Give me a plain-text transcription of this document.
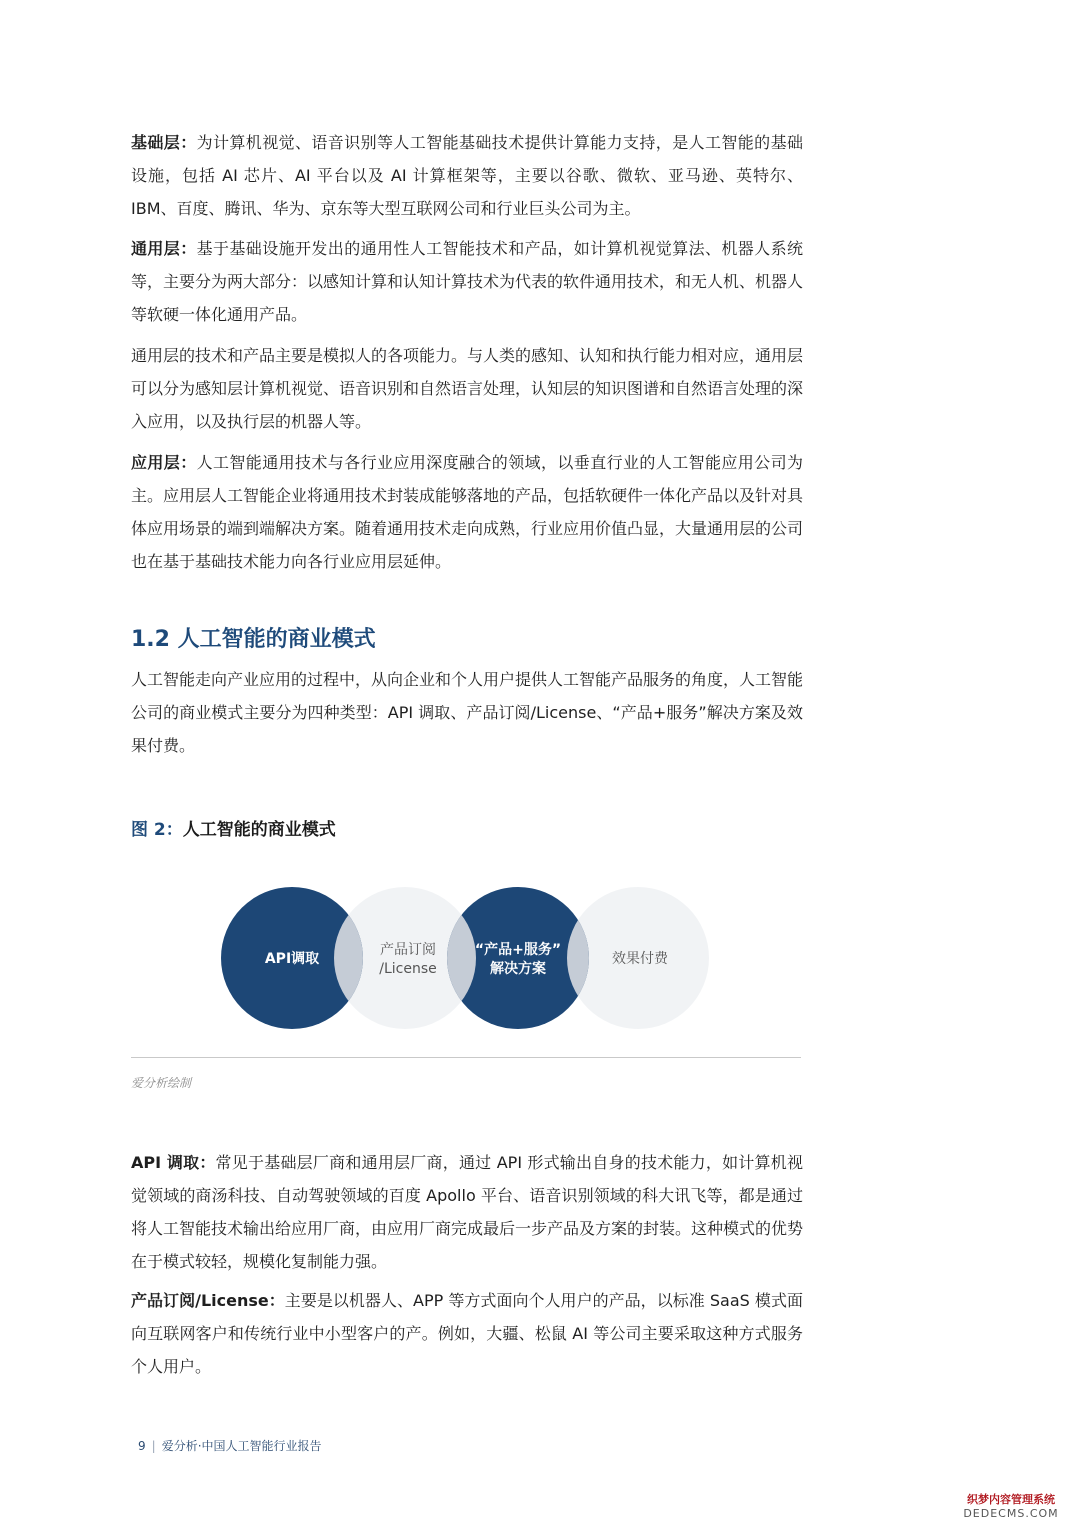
基础层：为计算机视觉、语音识别等人工智能基础技术提供计算能力支持，是人工智能的基础设施，包括 AI 芯片、AI 平台以及 AI 计算框架等，主要以谷歌、微软、亚马逊、英特尔、IBM、百度、腾讯、华为、京东等大型互联网公司和行业巨头公司为主。

通用层：基于基础设施开发出的通用性人工智能技术和产品，如计算机视觉算法、机器人系统等，主要分为两大部分：以感知计算和认知计算技术为代表的软件通用技术，和无人机、机器人等软硬一体化通用产品。

通用层的技术和产品主要是模拟人的各项能力。与人类的感知、认知和执行能力相对应，通用层可以分为感知层计算机视觉、语音识别和自然语言处理，认知层的知识图谱和自然语言处理的深入应用，以及执行层的机器人等。

应用层：人工智能通用技术与各行业应用深度融合的领域，以垂直行业的人工智能应用公司为主。应用层人工智能企业将通用技术封装成能够落地的产品，包括软硬件一体化产品以及针对具体应用场景的端到端解决方案。随着通用技术走向成熟，行业应用价值凸显，大量通用层的公司也在基于基础技术能力向各行业应用层延伸。

1.2 人工智能的商业模式

人工智能走向产业应用的过程中，从向企业和个人用户提供人工智能产品服务的角度，人工智能公司的商业模式主要分为四种类型：API 调取、产品订阅/License、“产品+服务”解决方案及效果付费。

图 2：人工智能的商业模式
API调取
产品订阅
/License
“产品+服务”
解决方案
效果付费
爱分析绘制

API 调取：常见于基础层厂商和通用层厂商，通过 API 形式输出自身的技术能力，如计算机视觉领域的商汤科技、自动驾驶领域的百度 Apollo 平台、语音识别领域的科大讯飞等，都是通过将人工智能技术输出给应用厂商，由应用厂商完成最后一步产品及方案的封装。这种模式的优势在于模式较轻，规模化复制能力强。

产品订阅/License：主要是以机器人、APP 等方式面向个人用户的产品，以标准 SaaS 模式面向互联网客户和传统行业中小型客户的产。例如，大疆、松鼠 AI 等公司主要采取这种方式服务个人用户。

9 | 爱分析·中国人工智能行业报告
织梦内容管理系统
DEDECMS.COM
